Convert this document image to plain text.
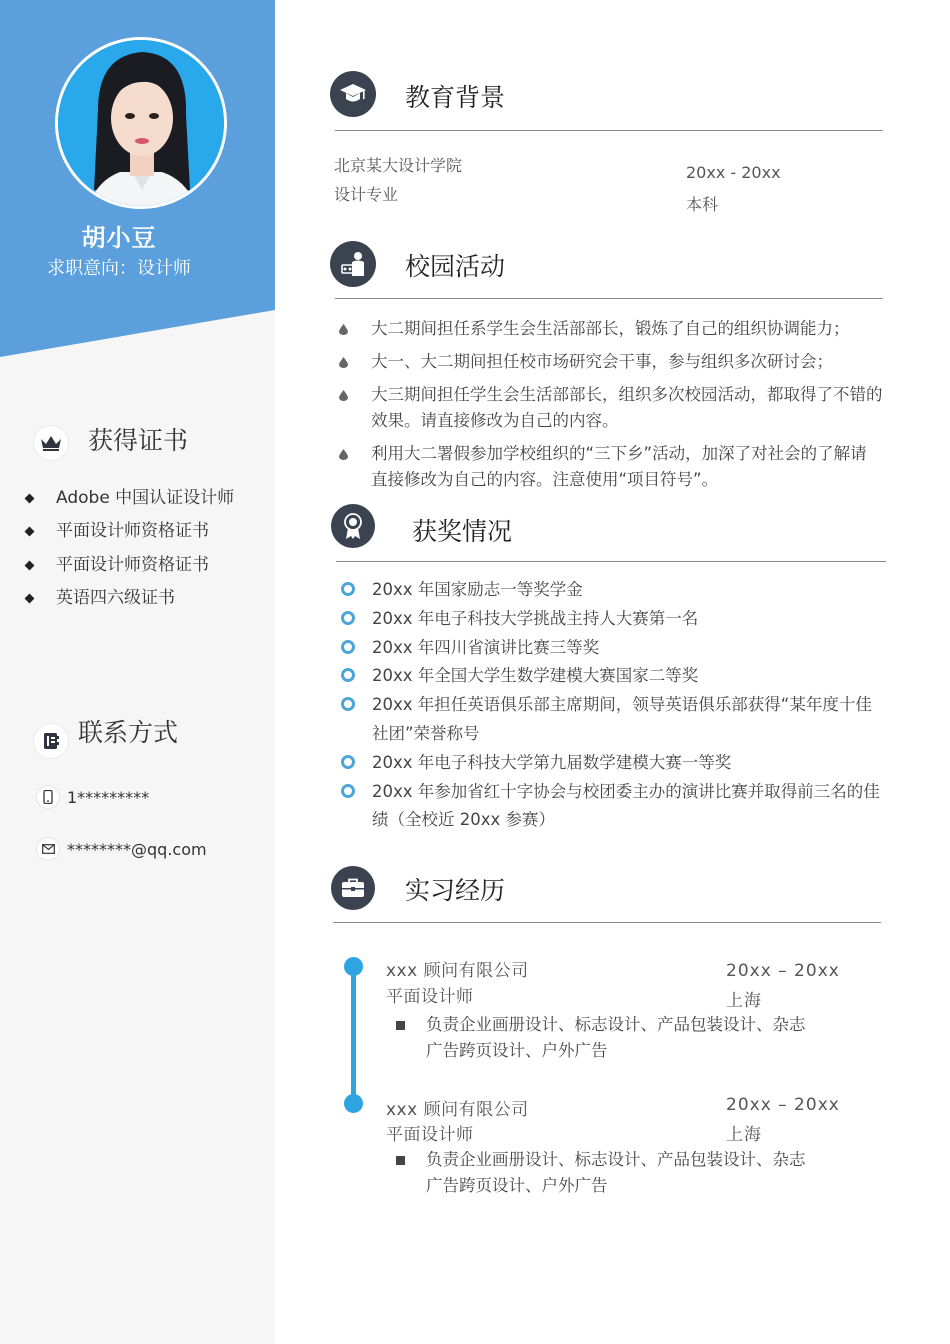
胡小豆
求职意向：设计师
获得证书
Adobe 中国认证设计师
平面设计师资格证书
平面设计师资格证书
英语四六级证书
联系方式
1*********
********@qq.com
教育背景
北京某大设计学院
设计专业
20xx - 20xx
本科
校园活动
大二期间担任系学生会生活部部长，锻炼了自己的组织协调能力；
大一、大二期间担任校市场研究会干事，参与组织多次研讨会；
大三期间担任学生会生活部部长，组织多次校园活动，都取得了不错的效果。请直接修改为自己的内容。
利用大二署假参加学校组织的“三下乡”活动，加深了对社会的了解请直接修改为自己的内容。注意使用“项目符号”。
获奖情况
20xx 年国家励志一等奖学金
20xx 年电子科技大学挑战主持人大赛第一名
20xx 年四川省演讲比赛三等奖
20xx 年全国大学生数学建模大赛国家二等奖
20xx 年担任英语俱乐部主席期间，领导英语俱乐部获得“某年度十佳社团”荣誉称号
20xx 年电子科技大学第九届数学建模大赛一等奖
20xx 年参加省红十字协会与校团委主办的演讲比赛并取得前三名的佳绩（全校近 20xx 参赛）
实习经历
xxx 顾问有限公司
平面设计师
20xx – 20xx
上海
负责企业画册设计、标志设计、产品包装设计、杂志广告跨页设计、户外广告
xxx 顾问有限公司
平面设计师
20xx – 20xx
上海
负责企业画册设计、标志设计、产品包装设计、杂志广告跨页设计、户外广告
